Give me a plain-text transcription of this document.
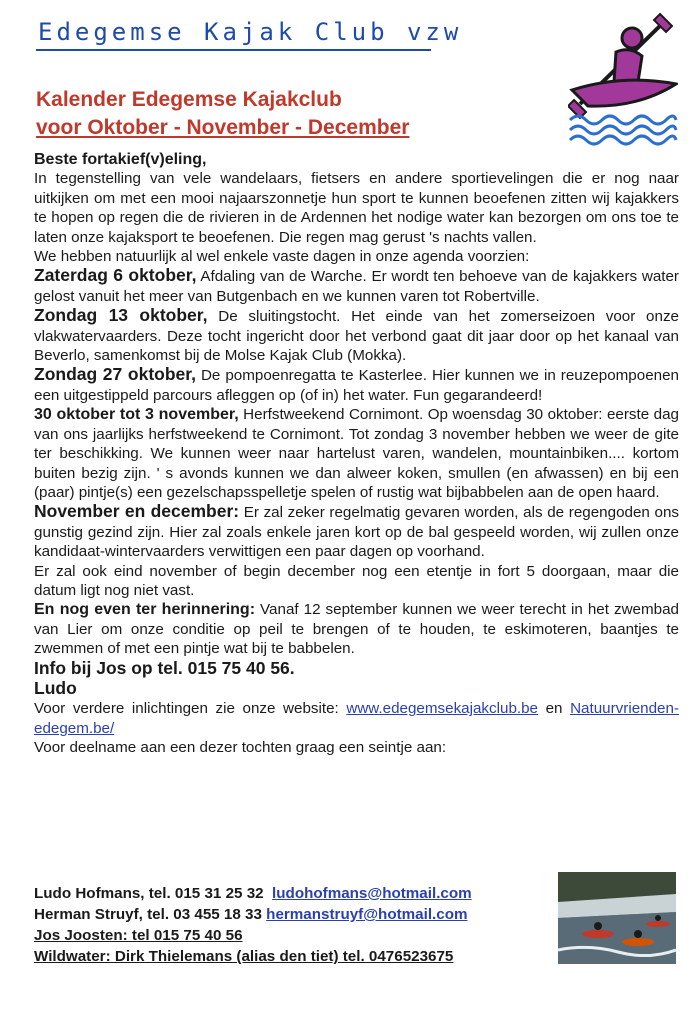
Edegemse Kajak Club vzw
Kalender Edegemse Kajakclub
voor Oktober - November - December

Beste fortakief(v)eling,

In tegenstelling van vele wandelaars, fietsers en andere sportievelingen die er nog naar uitkijken om met een mooi najaarszonnetje hun sport te kunnen beoefenen zitten wij kajakkers te hopen op regen die de rivieren in de Ardennen het nodige water kan bezorgen om ons toe te laten onze kajaksport te beoefenen. Die regen mag gerust 's nachts vallen.

We hebben natuurlijk al wel enkele vaste dagen in onze agenda voorzien:

Zaterdag 6 oktober, Afdaling van de Warche. Er wordt ten behoeve van de kajakkers water gelost vanuit het meer van Butgenbach en we kunnen varen tot Robertville.

Zondag 13 oktober, De sluitingstocht. Het einde van het zomerseizoen voor onze vlakwatervaarders. Deze tocht ingericht door het verbond gaat dit jaar door op het kanaal van Beverlo, samenkomst bij de Molse Kajak Club (Mokka).

Zondag 27 oktober, De pompoenregatta te Kasterlee. Hier kunnen we in reuzepompoenen een uitgestippeld parcours afleggen op (of in) het water. Fun gegarandeerd!

30 oktober tot 3 november, Herfstweekend Cornimont. Op woensdag 30 oktober: eerste dag van ons jaarlijks herfstweekend te Cornimont. Tot zondag 3 november hebben we weer de gite ter beschikking. We kunnen weer naar hartelust varen, wandelen, mountainbiken.... kortom buiten bezig zijn. ' s avonds kunnen we dan alweer koken, smullen (en afwassen) en bij een (paar) pintje(s) een gezelschapsspelletje spelen of rustig wat bijbabbelen aan de open haard.

November en december: Er zal zeker regelmatig gevaren worden, als de regengoden ons gunstig gezind zijn. Hier zal zoals enkele jaren kort op de bal gespeeld worden, wij zullen onze kandidaat-wintervaarders verwittigen een paar dagen op voorhand.

Er zal ook eind november of begin december nog een etentje in fort 5 doorgaan, maar die datum ligt nog niet vast.

En nog even ter herinnering: Vanaf 12 september kunnen we weer terecht in het zwembad van Lier om onze conditie op peil te brengen of te houden, te eskimoteren, baantjes te zwemmen of met een pintje wat bij te babbelen.

Info bij Jos op tel. 015 75 40 56.

Ludo

Voor verdere inlichtingen zie onze website: www.edegemsekajakclub.be en Natuurvrienden-edegem.be/

Voor deelname aan een dezer tochten graag een seintje aan:

Ludo Hofmans, tel. 015 31 25 32 ludohofmans@hotmail.com
Herman Struyf, tel. 03 455 18 33 hermanstruyf@hotmail.com
Jos Joosten: tel 015 75 40 56
Wildwater: Dirk Thielemans (alias den tiet) tel. 0476523675
